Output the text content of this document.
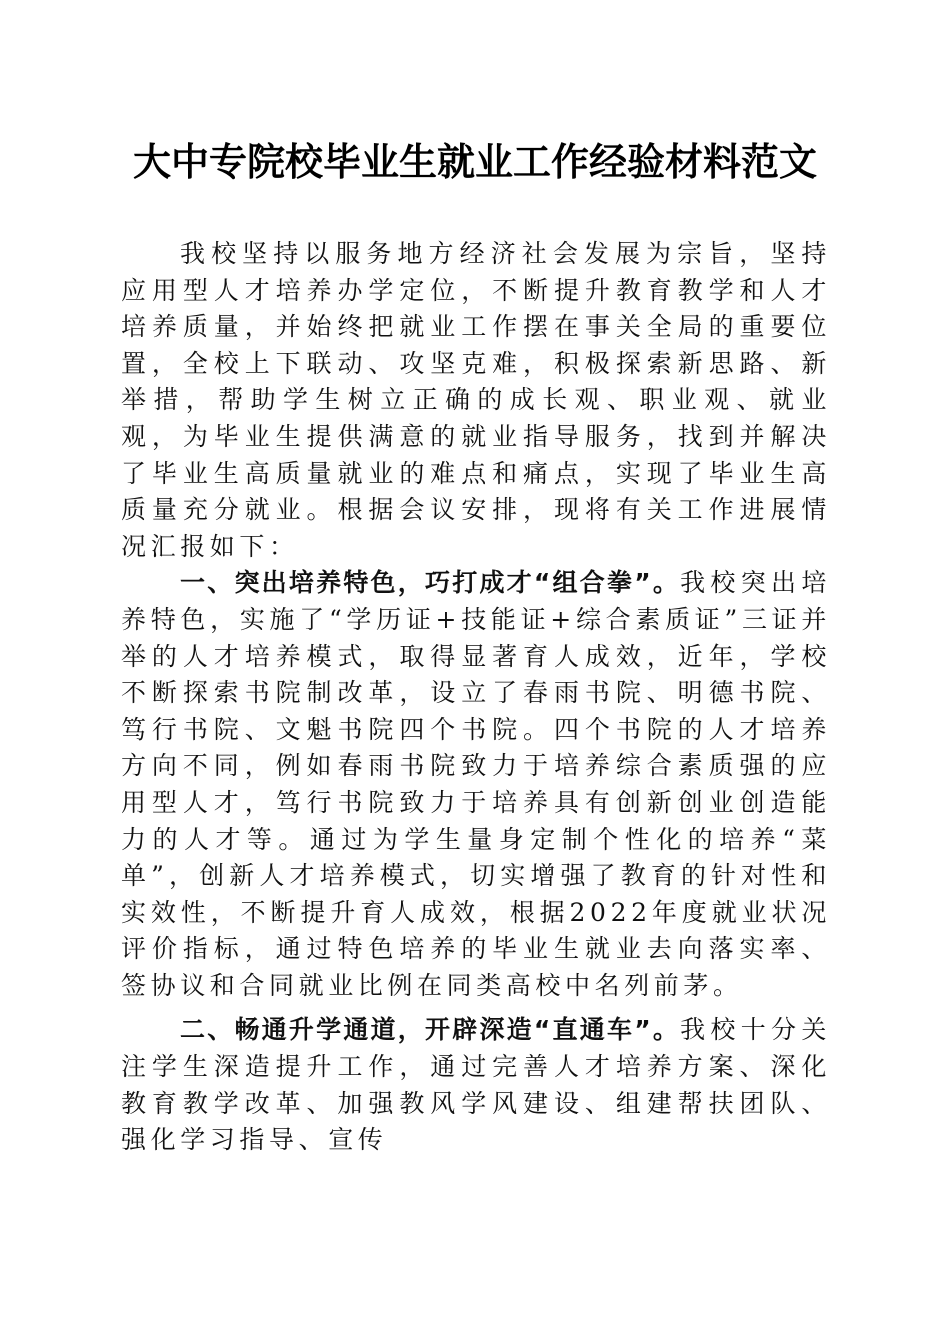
大中专院校毕业生就业工作经验材料范文

我校坚持以服务地方经济社会发展为宗旨，坚持应用型人才培养办学定位，不断提升教育教学和人才培养质量，并始终把就业工作摆在事关全局的重要位置，全校上下联动、攻坚克难，积极探索新思路、新举措，帮助学生树立正确的成长观、职业观、就业观，为毕业生提供满意的就业指导服务，找到并解决了毕业生高质量就业的难点和痛点，实现了毕业生高质量充分就业。根据会议安排，现将有关工作进展情况汇报如下：

一、突出培养特色，巧打成才“组合拳”。我校突出培养特色，实施了“学历证+技能证+综合素质证”三证并举的人才培养模式，取得显著育人成效，近年，学校不断探索书院制改革，设立了春雨书院、明德书院、笃行书院、文魁书院四个书院。四个书院的人才培养方向不同，例如春雨书院致力于培养综合素质强的应用型人才，笃行书院致力于培养具有创新创业创造能力的人才等。通过为学生量身定制个性化的培养“菜单”，创新人才培养模式，切实增强了教育的针对性和实效性，不断提升育人成效，根据2022年度就业状况评价指标，通过特色培养的毕业生就业去向落实率、签协议和合同就业比例在同类高校中名列前茅。

二、畅通升学通道，开辟深造“直通车”。我校十分关注学生深造提升工作，通过完善人才培养方案、深化教育教学改革、加强教风学风建设、组建帮扶团队、强化学习指导、宣传
